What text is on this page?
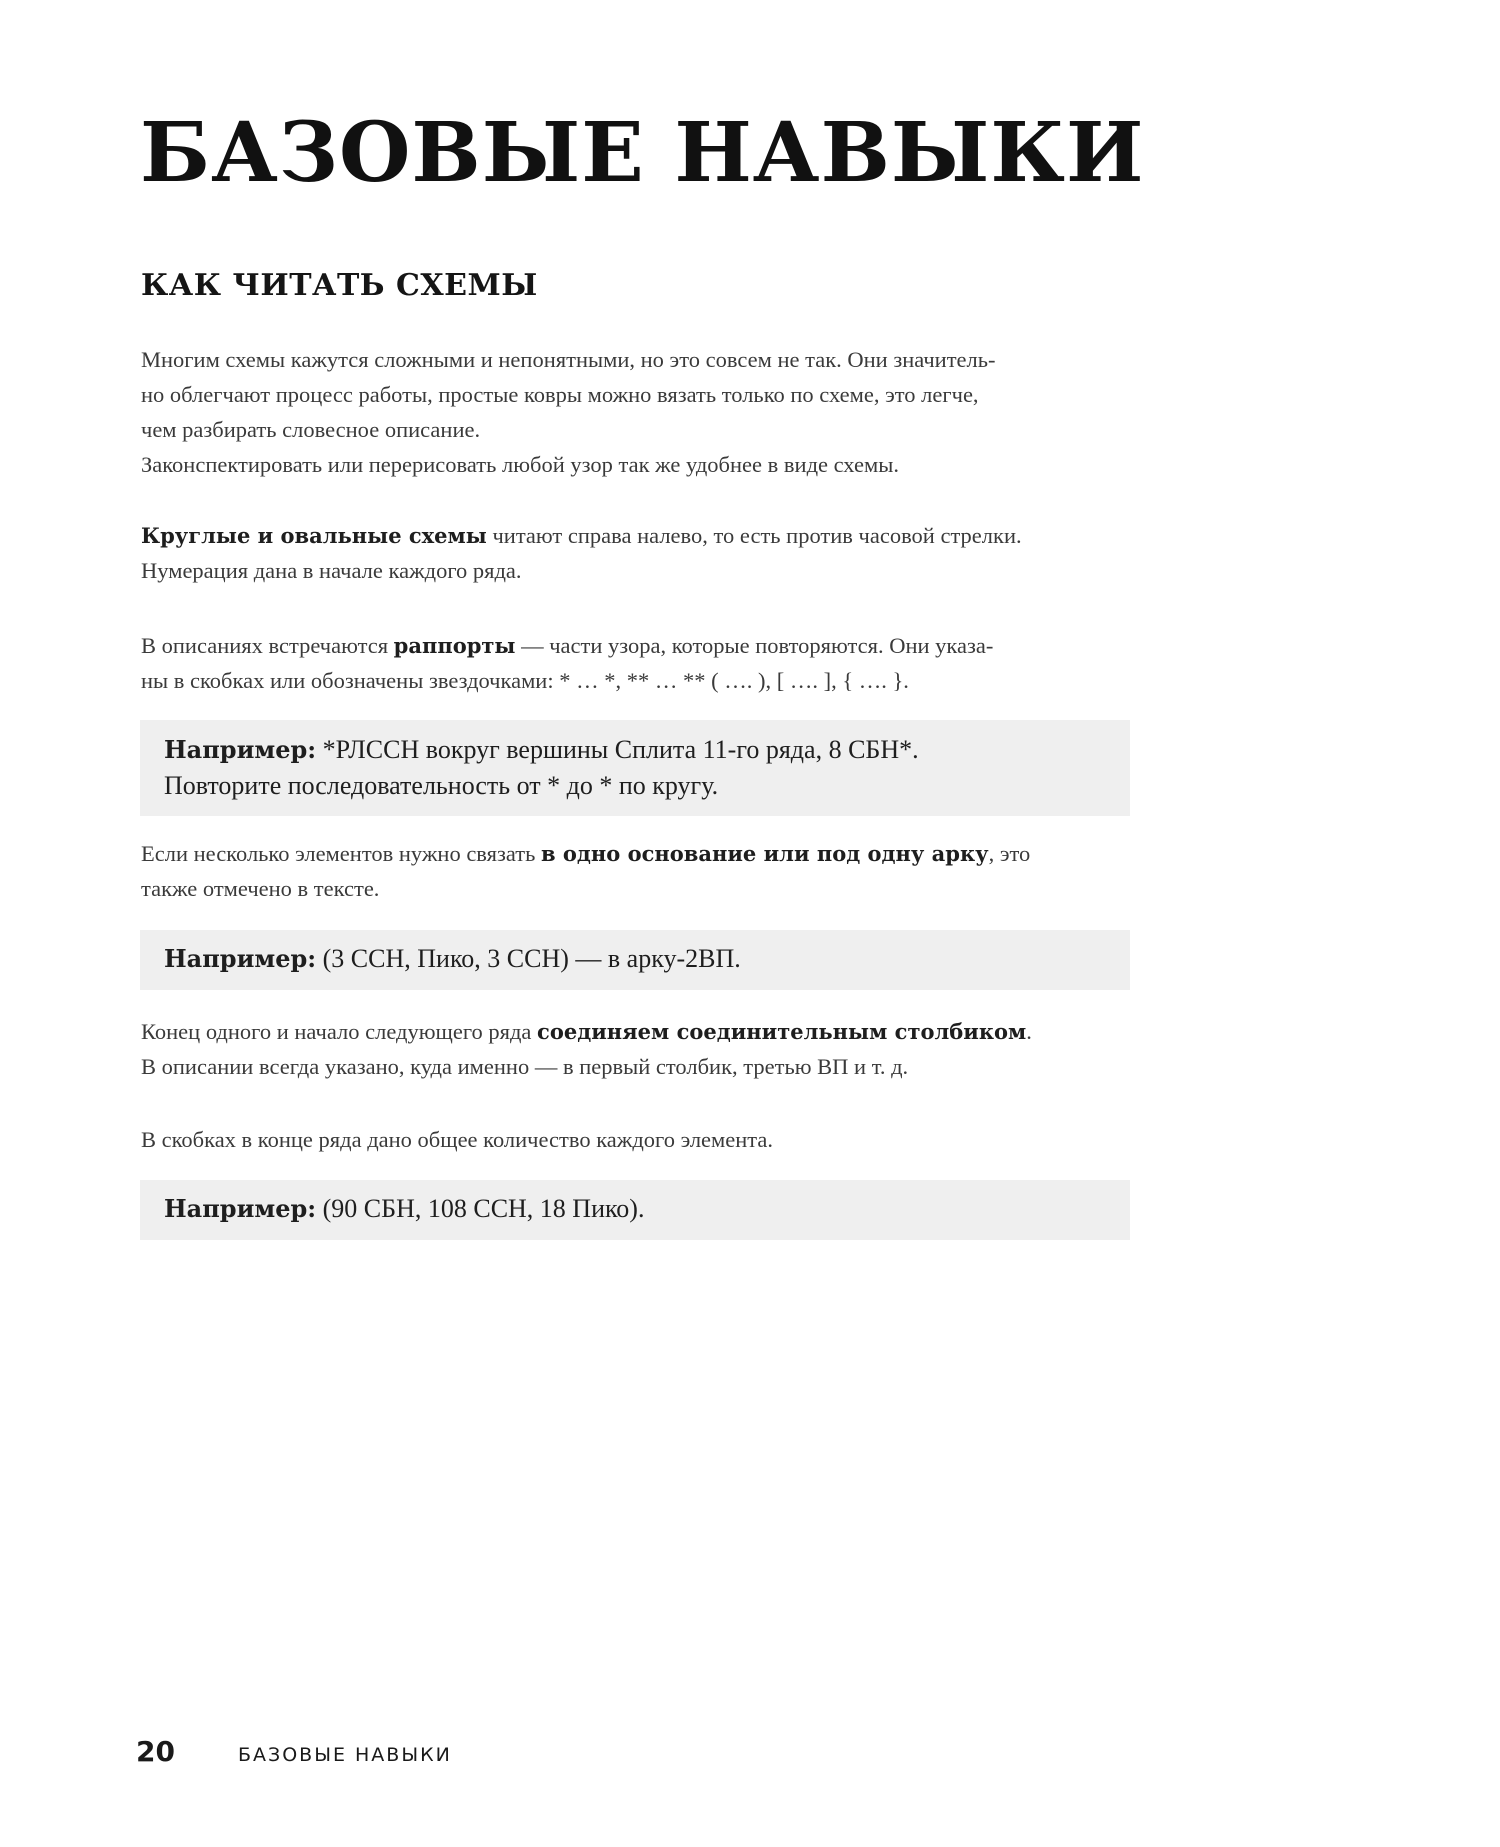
БАЗОВЫЕ НАВЫКИ
КАК ЧИТАТЬ СХЕМЫ

Многим схемы кажутся сложными и непонятными, но это совсем не так. Они значитель-
но облегчают процесс работы, простые ковры можно вязать только по схеме, это легче,
чем разбирать словесное описание.
Законспектировать или перерисовать любой узор так же удобнее в виде схемы.

Круглые и овальные схемы читают справа налево, то есть против часовой стрелки.
Нумерация дана в начале каждого ряда.

В описаниях встречаются раппорты — части узора, которые повторяются. Они указа-
ны в скобках или обозначены звездочками: * … *, ** … ** ( …. ), [ …. ], { …. }.

Например: *РЛССН вокруг вершины Сплита 11-го ряда, 8 СБН*.
Повторите последовательность от * до * по кругу.

Если несколько элементов нужно связать в одно основание или под одну арку, это
также отмечено в тексте.

Например: (3 ССН, Пико, 3 ССН) — в арку-2ВП.

Конец одного и начало следующего ряда соединяем соединительным столбиком.
В описании всегда указано, куда именно — в первый столбик, третью ВП и т. д.

В скобках в конце ряда дано общее количество каждого элемента.

Например: (90 СБН, 108 ССН, 18 Пико).
20	БАЗОВЫЕ НАВЫКИ
